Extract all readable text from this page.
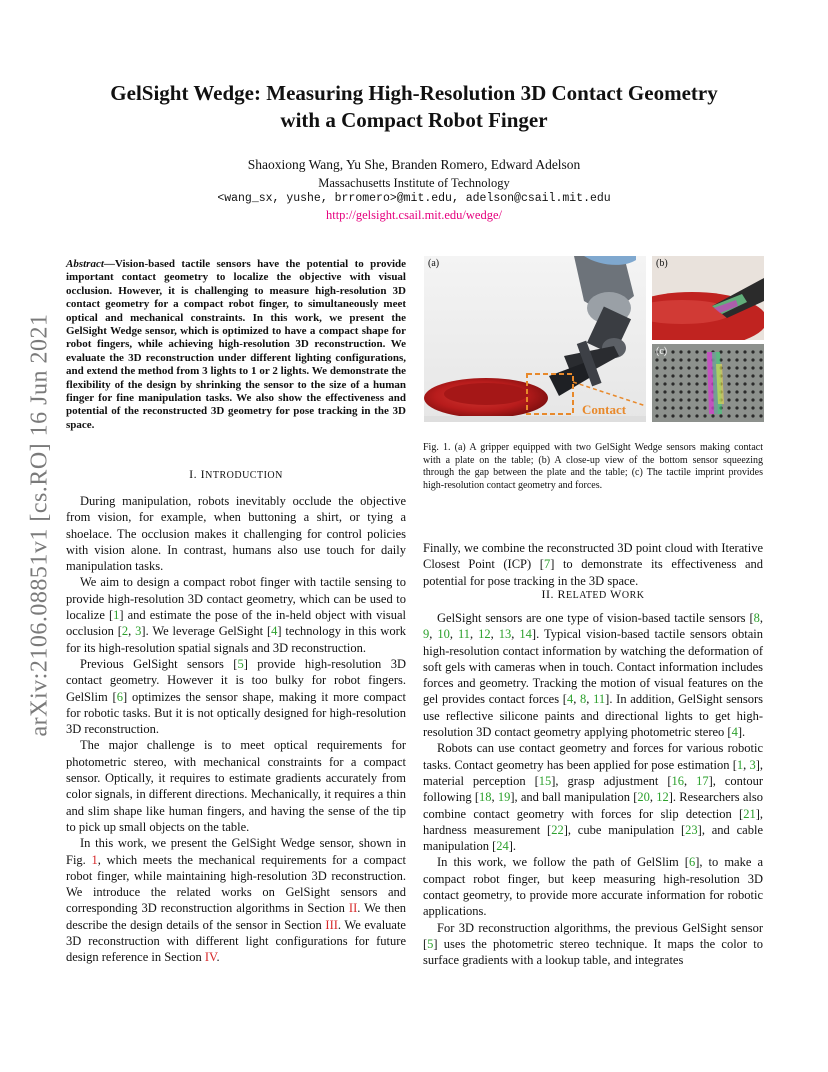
arXiv:2106.08851v1 [cs.RO] 16 Jun 2021
GelSight Wedge: Measuring High-Resolution 3D Contact Geometry
with a Compact Robot Finger
Shaoxiong Wang, Yu She, Branden Romero, Edward Adelson
Massachusetts Institute of Technology
<wang_sx, yushe, brromero>@mit.edu, adelson@csail.mit.edu
http://gelsight.csail.mit.edu/wedge/
Abstract—Vision-based tactile sensors have the potential to provide important contact geometry to localize the objective with visual occlusion. However, it is challenging to measure high-resolution 3D contact geometry for a compact robot finger, to simultaneously meet optical and mechanical constraints. In this work, we present the GelSight Wedge sensor, which is optimized to have a compact shape for robot fingers, while achieving high-resolution 3D reconstruction. We evaluate the 3D reconstruction under different lighting configurations, and extend the method from 3 lights to 1 or 2 lights. We demonstrate the flexibility of the design by shrinking the sensor to the size of a human finger for fine manipulation tasks. We also show the effectiveness and potential of the reconstructed 3D geometry for pose tracking in the 3D space.
I. INTRODUCTION

During manipulation, robots inevitably occlude the objective from vision, for example, when buttoning a shirt, or tying a shoelace. The occlusion makes it challenging for control policies with vision alone. In contrast, humans also use touch for daily manipulation tasks.

We aim to design a compact robot finger with tactile sensing to provide high-resolution 3D contact geometry, which can be used to localize [1] and estimate the pose of the in-held object with visual occlusion [2, 3]. We leverage GelSight [4] technology in this work for its high-resolution spatial signals and 3D reconstruction.

Previous GelSight sensors [5] provide high-resolution 3D contact geometry. However it is too bulky for robot fingers. GelSlim [6] optimizes the sensor shape, making it more compact for robotic tasks. But it is not optically designed for high-resolution 3D reconstruction.

The major challenge is to meet optical requirements for photometric stereo, with mechanical constraints for a compact sensor. Optically, it requires to estimate gradients accurately from color signals, in different directions. Mechanically, it requires a thin and slim shape like human fingers, and having the sense of the tip to pick up small objects on the table.

In this work, we present the GelSight Wedge sensor, shown in Fig. 1, which meets the mechanical requirements for a compact robot finger, while maintaining high-resolution 3D reconstruction. We introduce the related works on GelSight sensors and corresponding 3D reconstruction algorithms in Section II. We then describe the design details of the sensor in Section III. We evaluate 3D reconstruction with different light configurations for future design reference in Section IV.

(a)
Contact
(b)
(c)
Fig. 1. (a) A gripper equipped with two GelSight Wedge sensors making contact with a plate on the table; (b) A close-up view of the bottom sensor squeezing through the gap between the plate and the table; (c) The tactile imprint provides high-resolution contact geometry and forces.

Finally, we combine the reconstructed 3D point cloud with Iterative Closest Point (ICP) [7] to demonstrate its effectiveness and potential for pose tracking in the 3D space.

II. RELATED WORK

GelSight sensors are one type of vision-based tactile sensors [8, 9, 10, 11, 12, 13, 14]. Typical vision-based tactile sensors obtain high-resolution contact information by watching the deformation of soft gels with cameras when in touch. Contact information includes forces and geometry. Tracking the motion of visual features on the gel provides contact forces [4, 8, 11]. In addition, GelSight sensors use reflective silicone paints and directional lights to get high-resolution 3D contact geometry applying photometric stereo [4].

Robots can use contact geometry and forces for various robotic tasks. Contact geometry has been applied for pose estimation [1, 3], material perception [15], grasp adjustment [16, 17], contour following [18, 19], and ball manipulation [20, 12]. Researchers also combine contact geometry with forces for slip detection [21], hardness measurement [22], cube manipulation [23], and cable manipulation [24].

In this work, we follow the path of GelSlim [6], to make a compact robot finger, but keep measuring high-resolution 3D contact geometry, to provide more accurate information for robotic applications.

For 3D reconstruction algorithms, the previous GelSight sensor [5] uses the photometric stereo technique. It maps the color to surface gradients with a lookup table, and integrates
